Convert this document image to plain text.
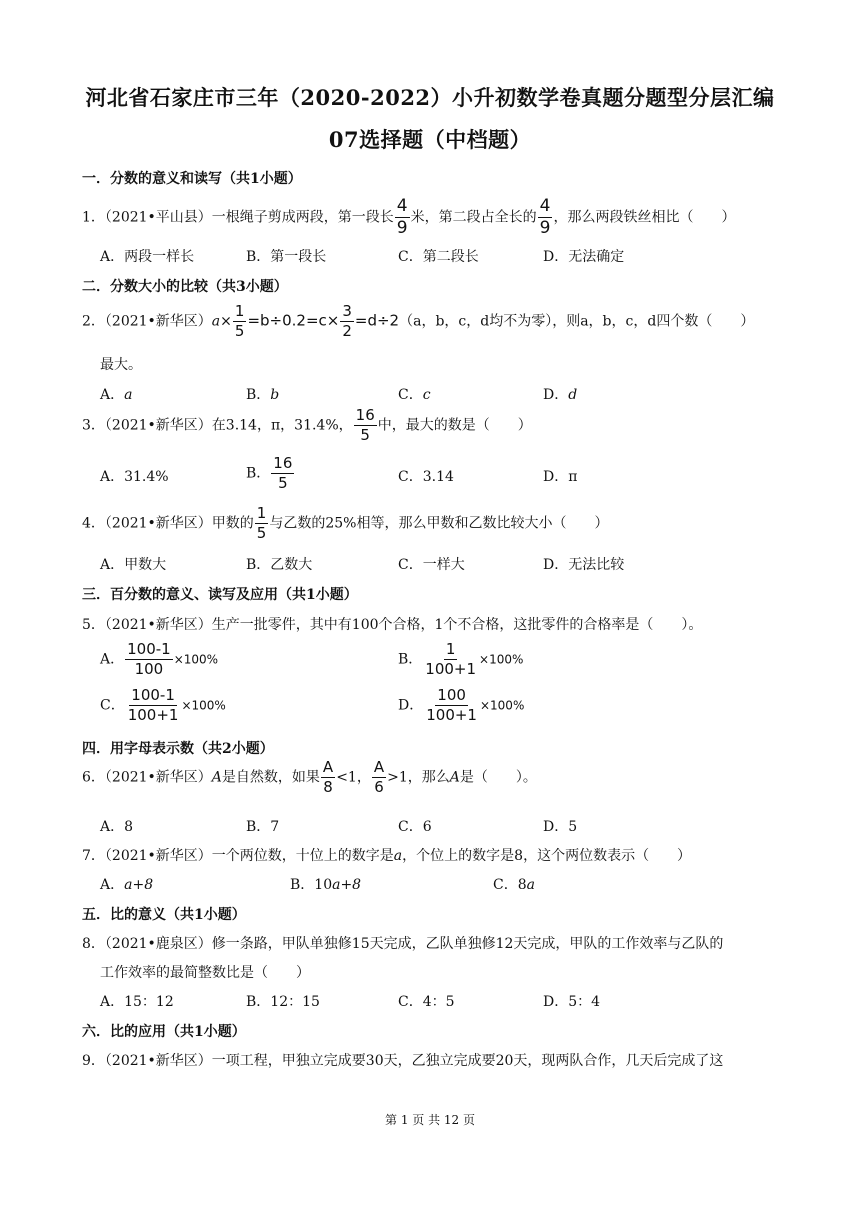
河北省石家庄市三年（2020-2022）小升初数学卷真题分题型分层汇编
07选择题（中档题）
一．分数的意义和读写（共1小题）
1．（2021•平山县）一根绳子剪成两段，第一段长 $\frac{4}{9}$ 米，第二段占全长的 $\frac{4}{9}$ ，那么两段铁丝相比（　　）
A．两段一样长	B．第一段长	C．第二段长	D．无法确定
二．分数大小的比较（共3小题）
2．（2021•新华区）$a\times \frac{1}{5} =b\div 0.2=c\times \frac{3}{2} =d\div 2(a$，b，c，d均不为零），则a，b，c，d四个数（　　）
最大。
A．a	B．b	C．c	D．d
3．（2021•新华区）在3.14，π，31.4%， $\frac{16}{5}$ 中，最大的数是（　　）
A．31.4%	B． $\frac{16}{5}$	C．3.14	D．π
4．（2021•新华区）甲数的 $\frac{1}{5}$ 与乙数的25%相等，那么甲数和乙数比较大小（　　）
A．甲数大	B．乙数大	C．一样大	D．无法比较
三．百分数的意义、读写及应用（共1小题）
5．（2021•新华区）生产一批零件，其中有100个合格，1个不合格，这批零件的合格率是（　　）。
A． $\frac{100-1}{100} \times 100\%$	B． $\frac{1}{100+1} \times 100\%$
C． $\frac{100-1}{100+1} \times 100\%$	D． $\frac{100}{100+1} \times 100\%$
四．用字母表示数（共2小题）
6．（2021•新华区）A是自然数，如果 $\frac{A}{8} <1$， $\frac{A}{6} >1$，那么A是（　　）。
A．8	B．7	C．6	D．5
7．（2021•新华区）一个两位数，十位上的数字是a，个位上的数字是8，这个两位数表示（　　）
A．a+8	B．10a+8	C．8a
五．比的意义（共1小题）
8．（2021•鹿泉区）修一条路，甲队单独修15天完成，乙队单独修12天完成，甲队的工作效率与乙队的
工作效率的最简整数比是（　　）
A．15：12	B．12：15	C．4：5	D．5：4
六．比的应用（共1小题）
9．（2021•新华区）一项工程，甲独立完成要30天，乙独立完成要20天，现两队合作，几天后完成了这
第 1 页 共 12 页
